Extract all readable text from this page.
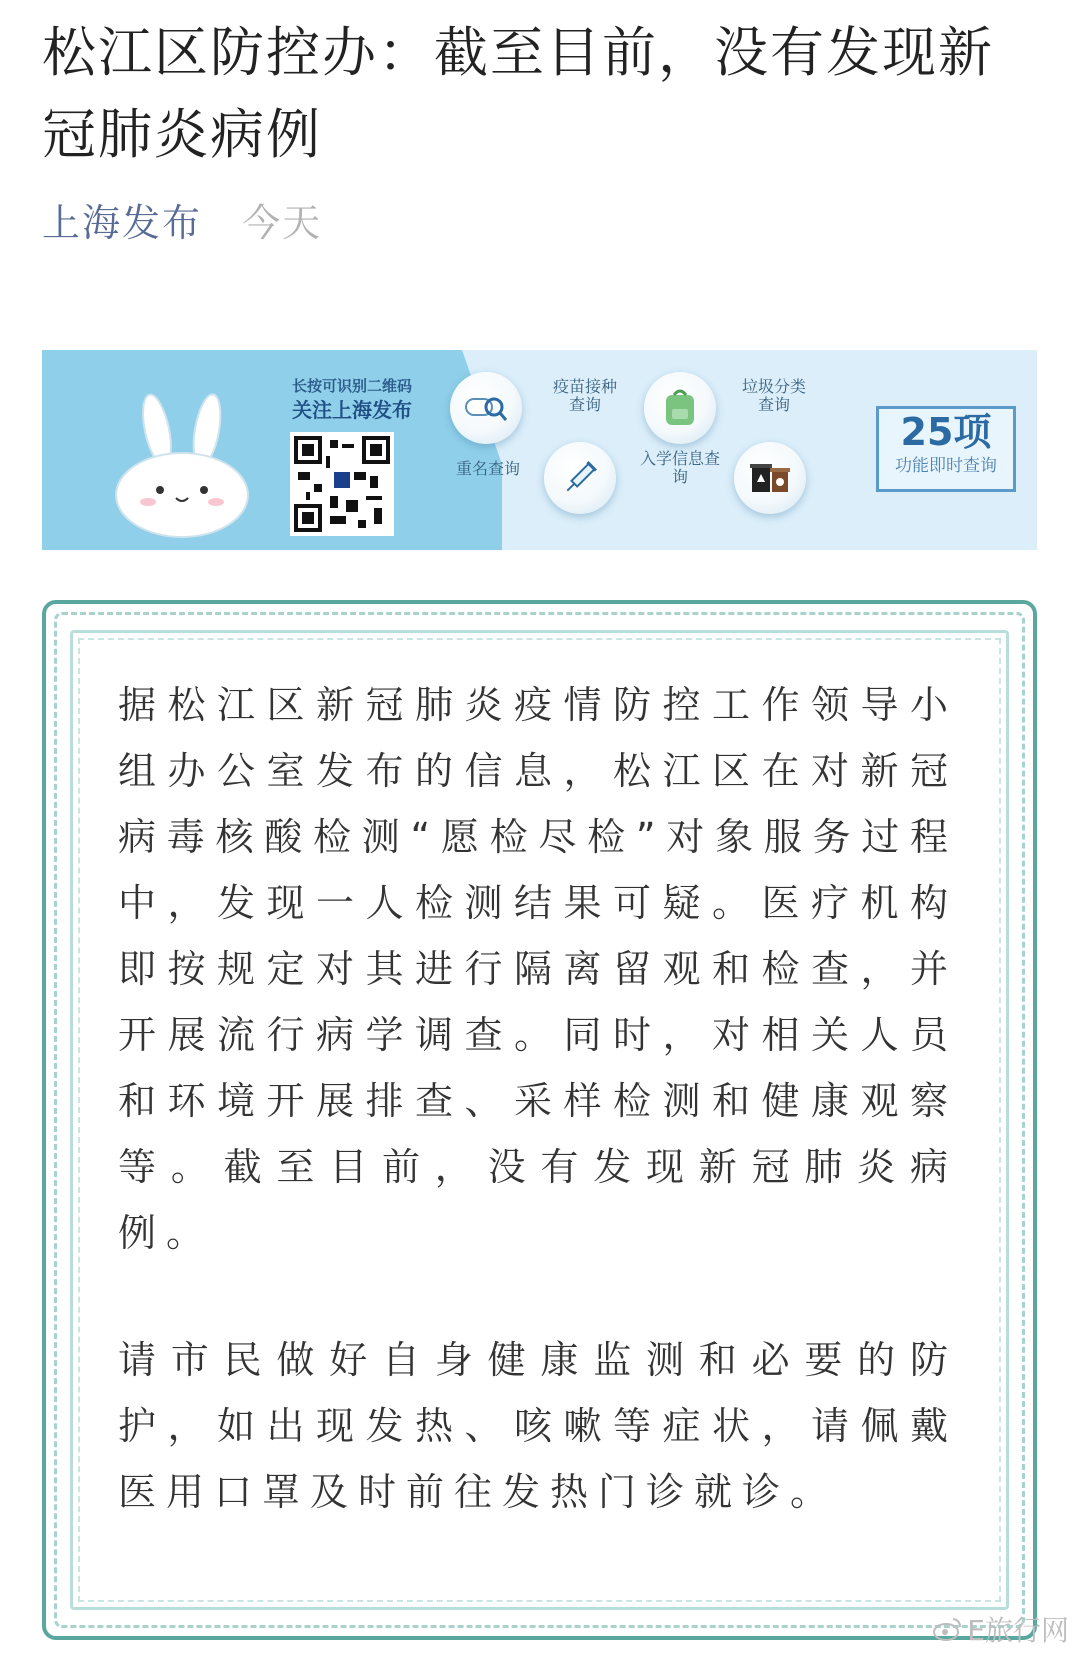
松江区防控办：截至目前，没有发现新冠肺炎病例
上海发布 今天
长按可识别二维码
关注上海发布
重名查询
疫苗接种查询
入学信息查询
垃圾分类查询
25项
功能即时查询

据松江区新冠肺炎疫情防控工作领导小组办公室发布的信息，松江区在对新冠病毒核酸检测“愿检尽检”对象服务过程中，发现一人检测结果可疑。医疗机构即按规定对其进行隔离留观和检查，并开展流行病学调查。同时，对相关人员和环境开展排查、采样检测和健康观察等。截至目前，没有发现新冠肺炎病例。

请市民做好自身健康监测和必要的防护，如出现发热、咳嗽等症状，请佩戴医用口罩及时前往发热门诊就诊。

E旅行网
